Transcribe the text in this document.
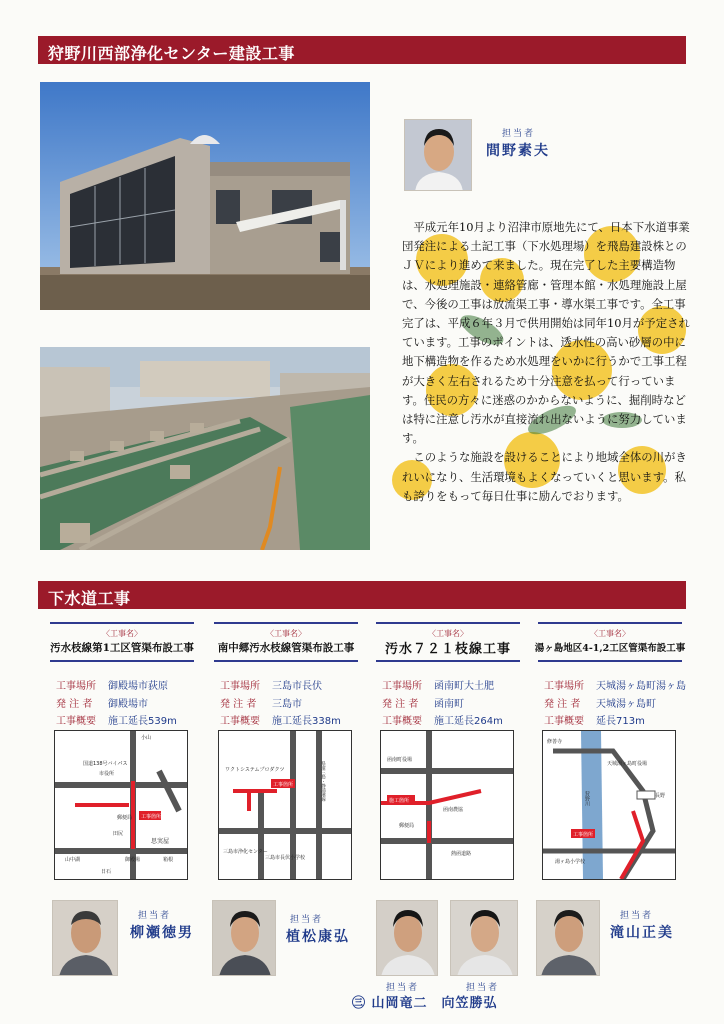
狩野川西部浄化センター建設工事
担当者
間野素夫

平成元年10月より沼津市原地先にて、日本下水道事業団発注による土記工事（下水処理場）を飛島建設株とのＪＶにより進めて来ました。現在完了した主要構造物は、水処理施設・連絡管廊・管理本館・水処理施設上屋で、今後の工事は放流渠工事・導水渠工事です。全工事完了は、平成６年３月で供用開始は同年10月が予定されています。工事のポイントは、透水性の高い砂層の中に地下構造物を作るため水処理をいかに行うかで工事工程が大きく左右されるため十分注意を払って行っています。住民の方々に迷惑のかからないように、掘削時などは特に注意し汚水が直接流れ出ないように努力しています。

このような施設を設けることにより地域全体の川がきれいになり、生活環境もよくなっていくと思います。私も誇りをもって毎日仕事に励んでおります。

下水道工事
〈工事名〉
汚水枝線第1工区管渠布設工事
工事場所 御殿場市荻原
発 注 者 御殿場市
工事概要 施工延長539m
小山
国道138号バイパス
市役所
工事箇所
郵便局
田尻
思実屋
山中湖	御殿場	箱根
日石
〈工事名〉
南中郷汚水枝線管渠布設工事
工事場所 三島市長伏
発 注 者 三島市
工事概要 施工延長338m
ワクトシステムプロダクツ
工事箇所
三島市浄化センター
三島市長伏小学校
県道三島・静浦港線
〈工事名〉
汚水７２１枝線工事
工事場所 函南町大土肥
発 注 者 函南町
工事概要 施工延長264m
函南町役場
施工箇所
函南農協
郵便局
熱函道路
〈工事名〉
湯ヶ島地区4-1,2工区管渠布設工事
工事場所 天城湯ヶ島町湯ヶ島
発 注 者 天城湯ヶ島町
工事概要 延長713m
修善寺
天城湯ヶ島町役場
狩野川	長野
工事箇所
湯ヶ島小学校
担当者
柳瀬徳男
担当者
植松康弘
担当者	担当者
㊂ 山岡竜二　向笠勝弘
担当者
滝山正美
